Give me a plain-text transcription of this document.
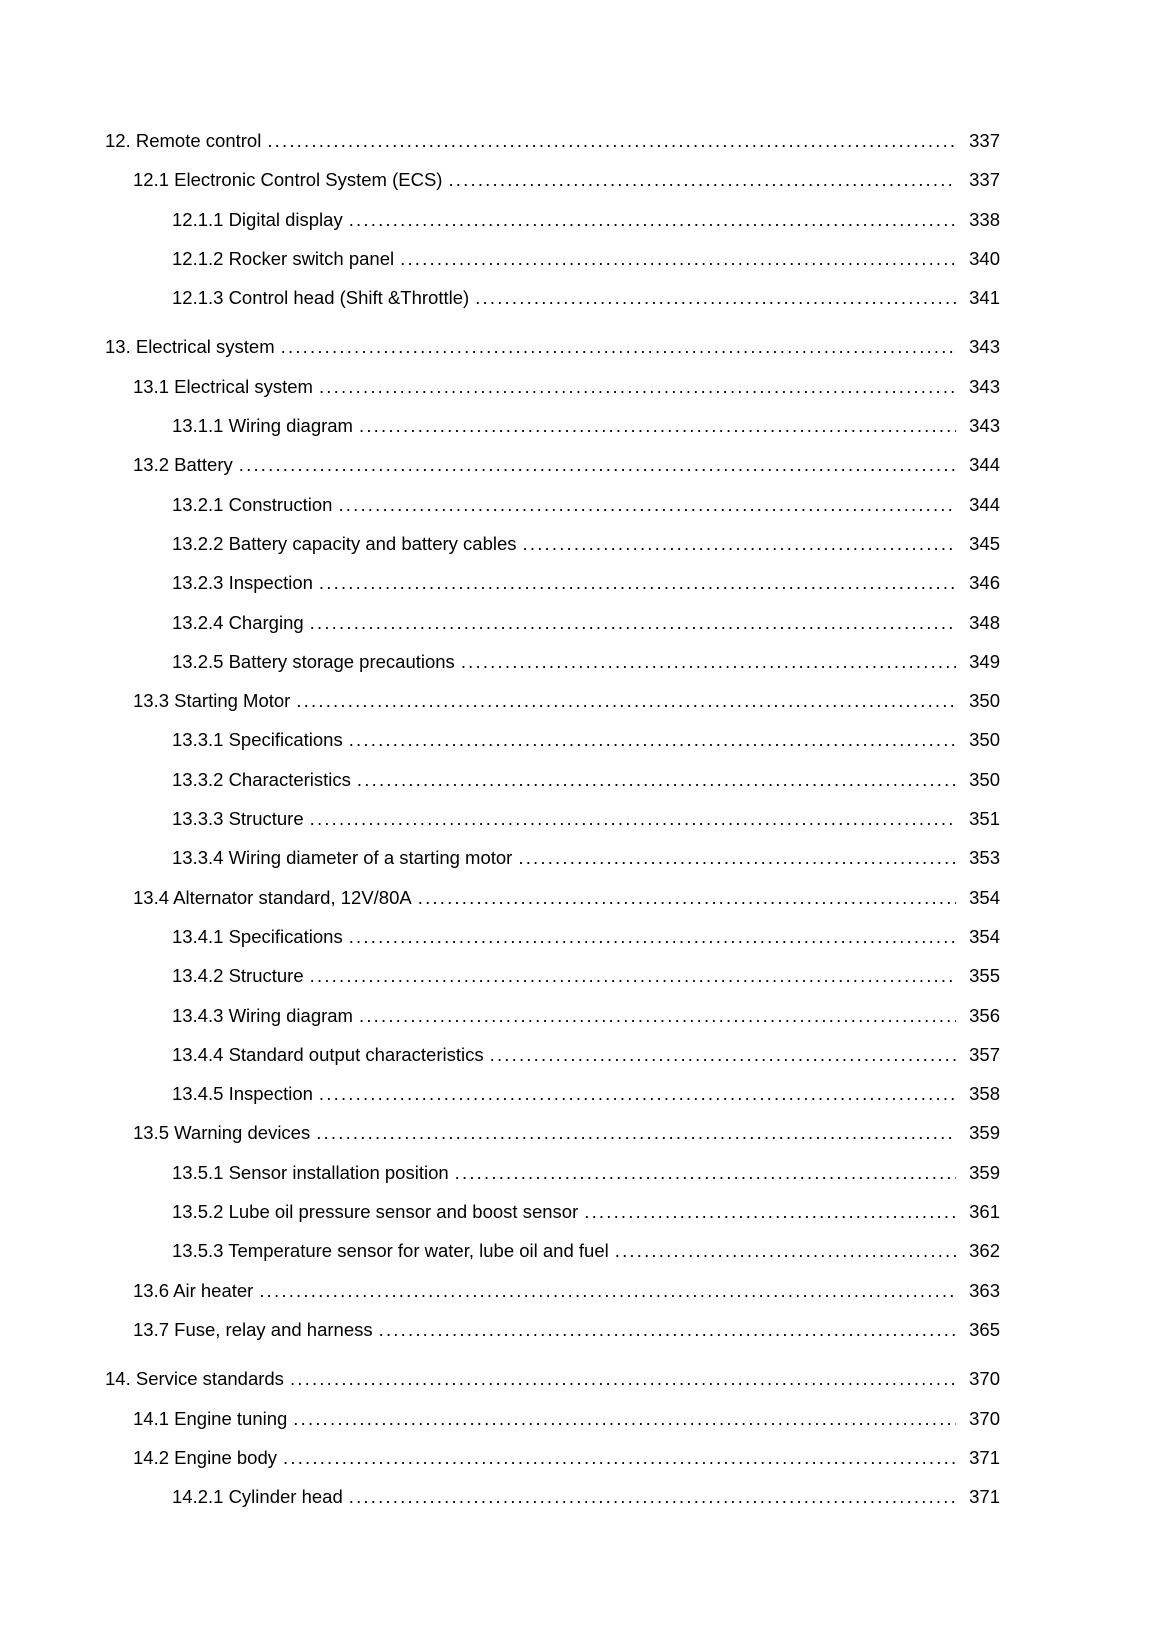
12. Remote control .....	337
12.1 Electronic Control System (ECS) .....	337
12.1.1 Digital display .....	338
12.1.2 Rocker switch panel .....	340
12.1.3 Control head (Shift &Throttle) .....	341
13. Electrical system .....	343
13.1 Electrical system .....	343
13.1.1 Wiring diagram .....	343
13.2 Battery .....	344
13.2.1 Construction .....	344
13.2.2 Battery capacity and battery cables .....	345
13.2.3 Inspection .....	346
13.2.4 Charging .....	348
13.2.5 Battery storage precautions .....	349
13.3 Starting Motor .....	350
13.3.1 Specifications .....	350
13.3.2 Characteristics .....	350
13.3.3 Structure .....	351
13.3.4 Wiring diameter of a starting motor .....	353
13.4 Alternator standard, 12V/80A .....	354
13.4.1 Specifications .....	354
13.4.2 Structure .....	355
13.4.3 Wiring diagram .....	356
13.4.4 Standard output characteristics .....	357
13.4.5 Inspection .....	358
13.5 Warning devices .....	359
13.5.1 Sensor installation position .....	359
13.5.2 Lube oil pressure sensor and boost sensor .....	361
13.5.3 Temperature sensor for water, lube oil and fuel .....	362
13.6 Air heater .....	363
13.7 Fuse, relay and harness .....	365
14. Service standards .....	370
14.1 Engine tuning .....	370
14.2 Engine body .....	371
14.2.1 Cylinder head .....	371
